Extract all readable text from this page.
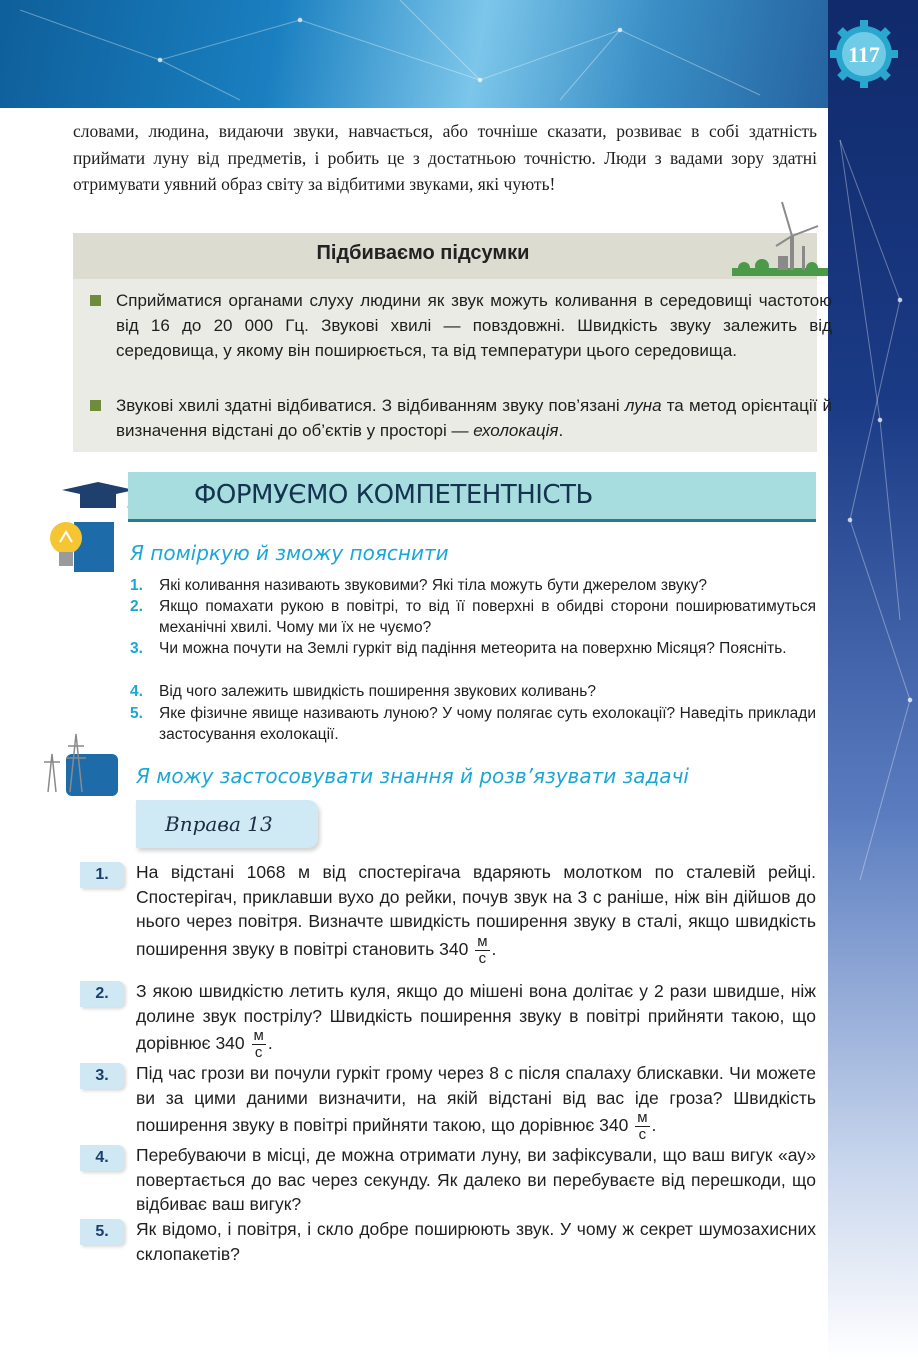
117

словами, людина, видаючи звуки, навчається, або точніше сказати, розвиває в собі здатність приймати луну від предметів, і робить це з достатньою точністю. Люди з вадами зору здатні отримувати уявний образ світу за відбитими звуками, які чують!

Підбиваємо підсумки

Сприйматися органами слуху людини як звук можуть коливання в середовищі частотою від 16 до 20 000 Гц. Звукові хвилі — повздовжні. Швидкість звуку залежить від середовища, у якому він поширюється, та від температури цього середовища.

Звукові хвилі здатні відбиватися. З відбиванням звуку пов’язані луна та метод орієнтації й визначення відстані до об’єктів у просторі — ехолокація.

ФОРМУЄМО КОМПЕТЕНТНІСТЬ
Я поміркую й зможу пояснити
1. Які коливання називають звуковими? Які тіла можуть бути джерелом звуку?
2. Якщо помахати рукою в повітрі, то від її поверхні в обидві сторони поширюватимуться механічні хвилі. Чому ми їх не чуємо?
3. Чи можна почути на Землі гуркіт від падіння метеорита на поверхню Місяця? Поясніть.
4. Від чого залежить швидкість поширення звукових коливань?
5. Яке фізичне явище називають луною? У чому полягає суть ехолокації? Наведіть приклади застосування ехолокації.
Я можу застосовувати знання й розв’язувати задачі
Вправа 13
1.	На відстані 1068 м від спостерігача вдаряють молотком по сталевій рейці. Спостерігач, приклавши вухо до рейки, почув звук на 3 с раніше, ніж він дійшов до нього через повітря. Визначте швидкість поширення звуку в сталі, якщо швидкість поширення звуку в повітрі становить $340 \frac{м}{с}$ .
2.	З якою швидкістю летить куля, якщо до мішені вона долітає у 2 рази швидше, ніж долине звук пострілу? Швидкість поширення звуку в повітрі прийняти такою, що дорівнює $340 \frac{м}{с}$ .
3.	Під час грози ви почули гуркіт грому через 8 с після спалаху блискавки. Чи можете ви за цими даними визначити, на якій відстані від вас іде гроза? Швидкість поширення звуку в повітрі прийняти такою, що дорівнює $340 \frac{м}{с}$ .
4.	Перебуваючи в місці, де можна отримати луну, ви зафіксували, що ваш вигук «ау» повертається до вас через секунду. Як далеко ви перебуваєте від перешкоди, що відбиває ваш вигук?
5.	Як відомо, і повітря, і скло добре поширюють звук. У чому ж секрет шумозахисних склопакетів?
